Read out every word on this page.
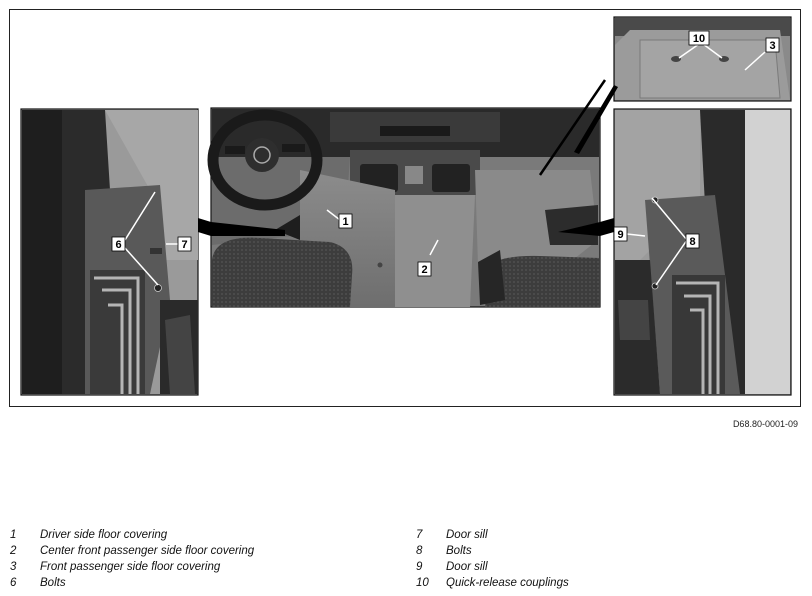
1
2
3
6	7	8
9
10
D68.80-0001-09
1 Driver side floor covering
2 Center front passenger side floor covering
3 Front passenger side floor covering
6 Bolts
7 Door sill
8 Bolts
9 Door sill
10 Quick-release couplings
